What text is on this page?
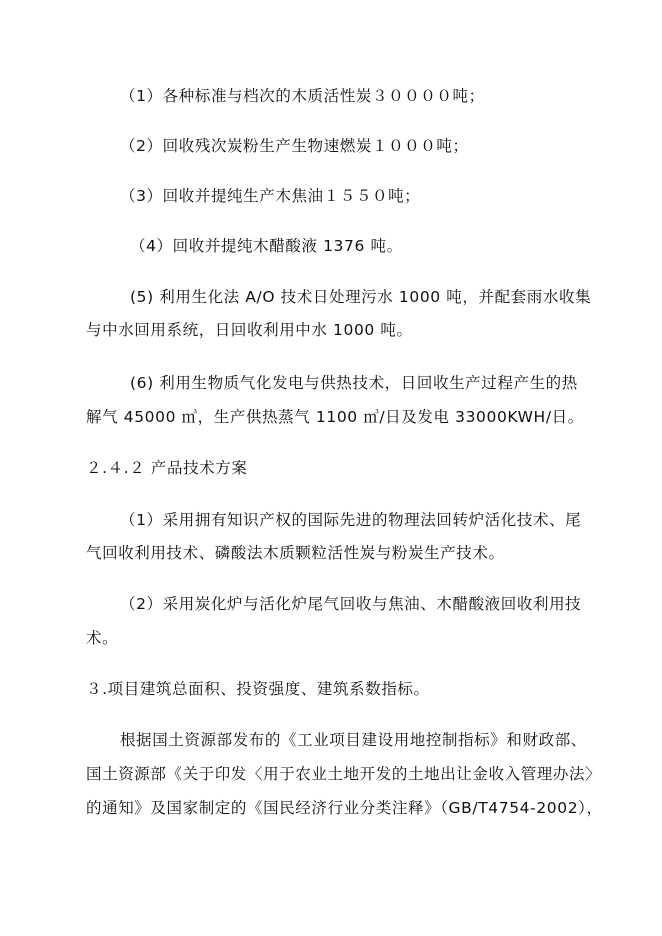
（1）各种标准与档次的木质活性炭３００００吨；
（2）回收残次炭粉生产生物速燃炭１０００吨；
（3）回收并提纯生产木焦油１５５０吨；
（4）回收并提纯木醋酸液 1376 吨。
(5) 利用生化法 A/O 技术日处理污水 1000 吨，并配套雨水收集
与中水回用系统，日回收利用中水 1000 吨。
(6) 利用生物质气化发电与供热技术，日回收生产过程产生的热
解气 45000 ㎥，生产供热蒸气 1100 ㎥/日及发电 33000KWH/日。
２.４.２ 产品技术方案
（1）采用拥有知识产权的国际先进的物理法回转炉活化技术、尾
气回收利用技术、磷酸法木质颗粒活性炭与粉炭生产技术。
（2）采用炭化炉与活化炉尾气回收与焦油、木醋酸液回收利用技
术。
３.项目建筑总面积、投资强度、建筑系数指标。
根据国土资源部发布的《工业项目建设用地控制指标》和财政部、
国土资源部《关于印发〈用于农业土地开发的土地出让金收入管理办法〉
的通知》及国家制定的《国民经济行业分类注释》（GB/T4754-2002），
